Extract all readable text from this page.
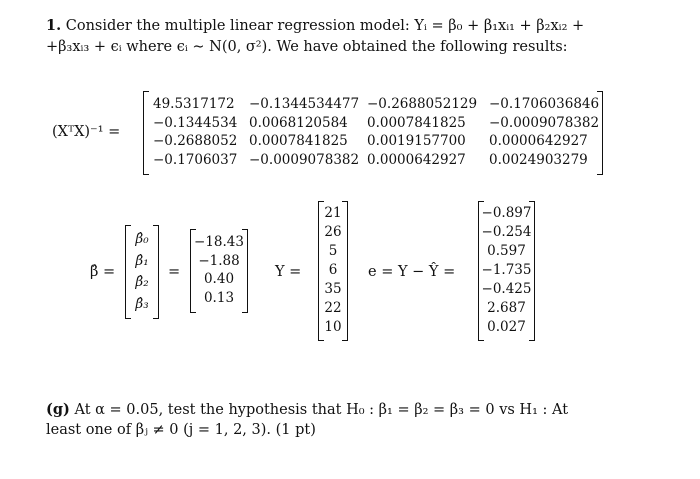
1. Consider the multiple linear regression model: Yᵢ = β₀ + β₁xᵢ₁ + β₂xᵢ₂ +
+β₃xᵢ₃ + ϵᵢ where ϵᵢ ∼ N(0, σ²). We have obtained the following results:
(XᵀX)⁻¹ =
49.5317172	−0.1344534477 −0.2688052129 −0.1706036846
−0.1344534 0.0068120584	0.0007841825	−0.0009078382
−0.2688052 0.0007841825	0.0019157700	0.0000642927
−0.1706037 −0.0009078382 0.0000642927	0.0024903279
β̂ =
β̂₀
β̂₁
β̂₂
β̂₃
=
−18.43
−1.88
0.40
0.13
Y =
21
26
5
6
35
22
10
e = Y − Ŷ =
−0.897
−0.254
0.597
−1.735
−0.425
2.687
0.027
(g) At α = 0.05, test the hypothesis that H₀ : β₁ = β₂ = β₃ = 0 vs H₁ : At
least one of βⱼ ≠ 0 (j = 1, 2, 3). (1 pt)
